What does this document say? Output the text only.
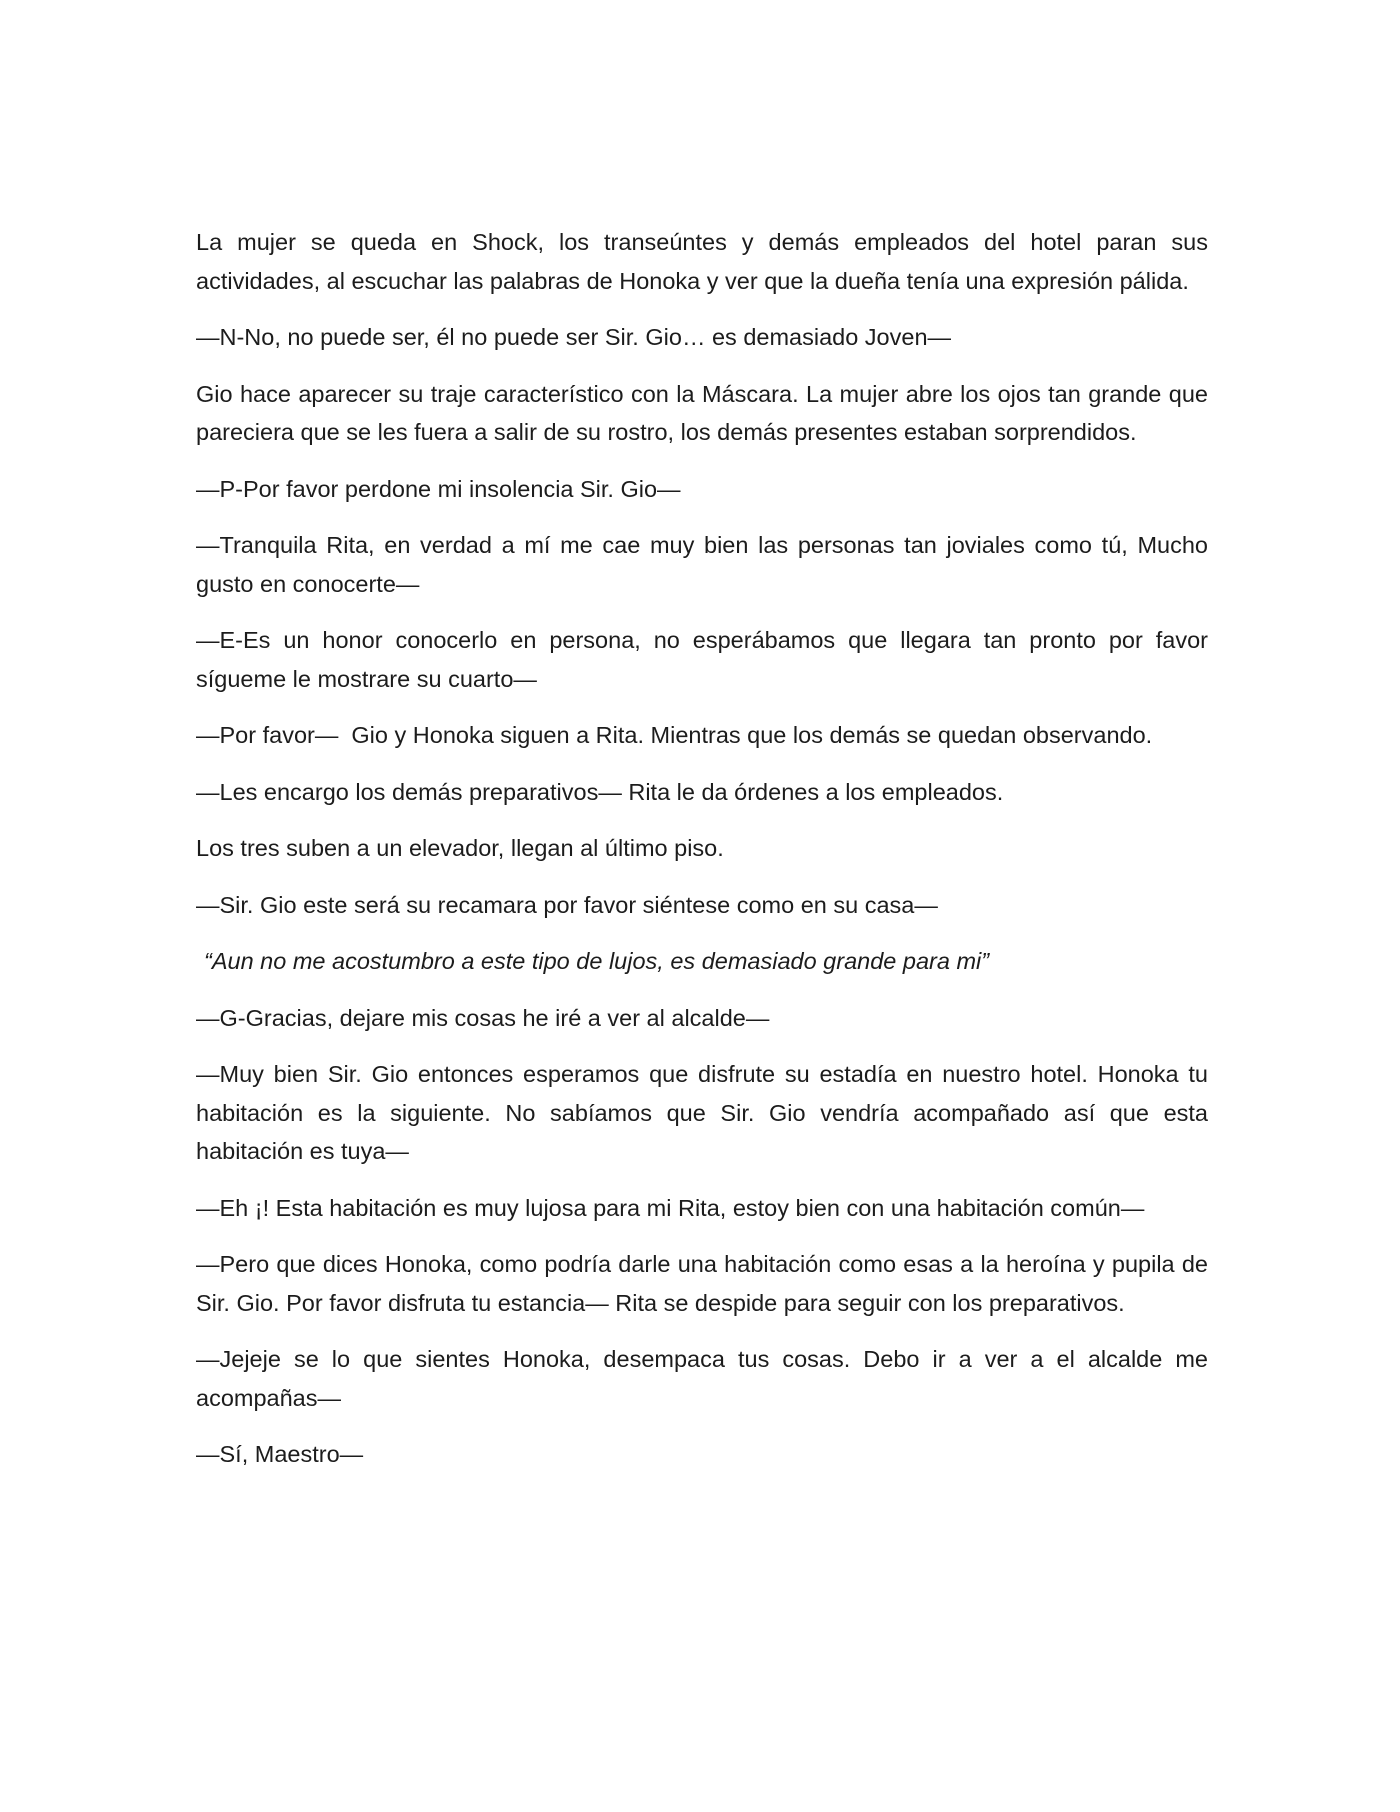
La mujer se queda en Shock, los transeúntes y demás empleados del hotel paran sus actividades, al escuchar las palabras de Honoka y ver que la dueña tenía una expresión pálida.

—N-No, no puede ser, él no puede ser Sir. Gio… es demasiado Joven—

Gio hace aparecer su traje característico con la Máscara. La mujer abre los ojos tan grande que pareciera que se les fuera a salir de su rostro, los demás presentes estaban sorprendidos.

—P-Por favor perdone mi insolencia Sir. Gio—

—Tranquila Rita, en verdad a mí me cae muy bien las personas tan joviales como tú, Mucho gusto en conocerte—

—E-Es un honor conocerlo en persona, no esperábamos que llegara tan pronto por favor sígueme le mostrare su cuarto—

—Por favor—  Gio y Honoka siguen a Rita. Mientras que los demás se quedan observando.

—Les encargo los demás preparativos— Rita le da órdenes a los empleados.

Los tres suben a un elevador, llegan al último piso.

—Sir. Gio este será su recamara por favor siéntese como en su casa—

“Aun no me acostumbro a este tipo de lujos, es demasiado grande para mi”

—G-Gracias, dejare mis cosas he iré a ver al alcalde—

—Muy bien Sir. Gio entonces esperamos que disfrute su estadía en nuestro hotel. Honoka tu habitación es la siguiente. No sabíamos que Sir. Gio vendría acompañado así que esta habitación es tuya—

—Eh ¡! Esta habitación es muy lujosa para mi Rita, estoy bien con una habitación común—

—Pero que dices Honoka, como podría darle una habitación como esas a la heroína y pupila de Sir. Gio. Por favor disfruta tu estancia— Rita se despide para seguir con los preparativos.

—Jejeje se lo que sientes Honoka, desempaca tus cosas. Debo ir a ver a el alcalde me acompañas—

—Sí, Maestro—
